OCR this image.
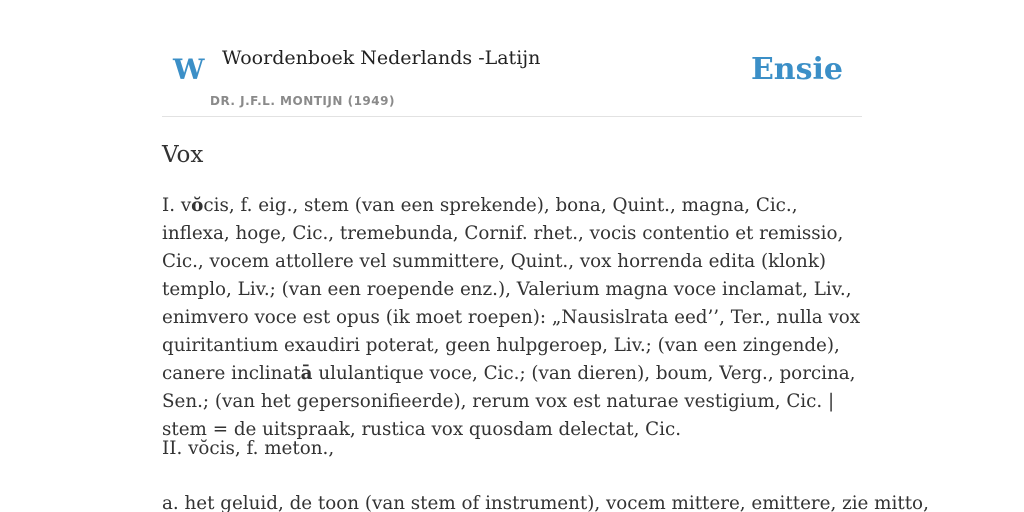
W Woordenboek Nederlands -Latijn
DR. J.F.L. MONTIJN (1949)
Ensie
Vox

I. vŏcis, f. eig., stem (van een sprekende), bona, Quint., magna, Cic., inflexa, hoge, Cic., tremebunda, Cornif. rhet., vocis contentio et remissio, Cic., vocem attollere vel summittere, Quint., vox horrenda edita (klonk) templo, Liv.; (van een roepende enz.), Valerium magna voce inclamat, Liv., enimvero voce est opus (ik moet roepen): „Nausislrata eed’’, Ter., nulla vox quiritantium exaudiri poterat, geen hulpgeroep, Liv.; (van een zingende), canere inclinatā ululantique voce, Cic.; (van dieren), boum, Verg., porcina, Sen.; (van het gepersonifieerde), rerum vox est naturae vestigium, Cic. | stem = de uitspraak, rustica vox quosdam delectat, Cic.

II. vŏcis, f. meton.,

a. het geluid, de toon (van stem of instrument), vocem mittere, emittere, zie mitto,
